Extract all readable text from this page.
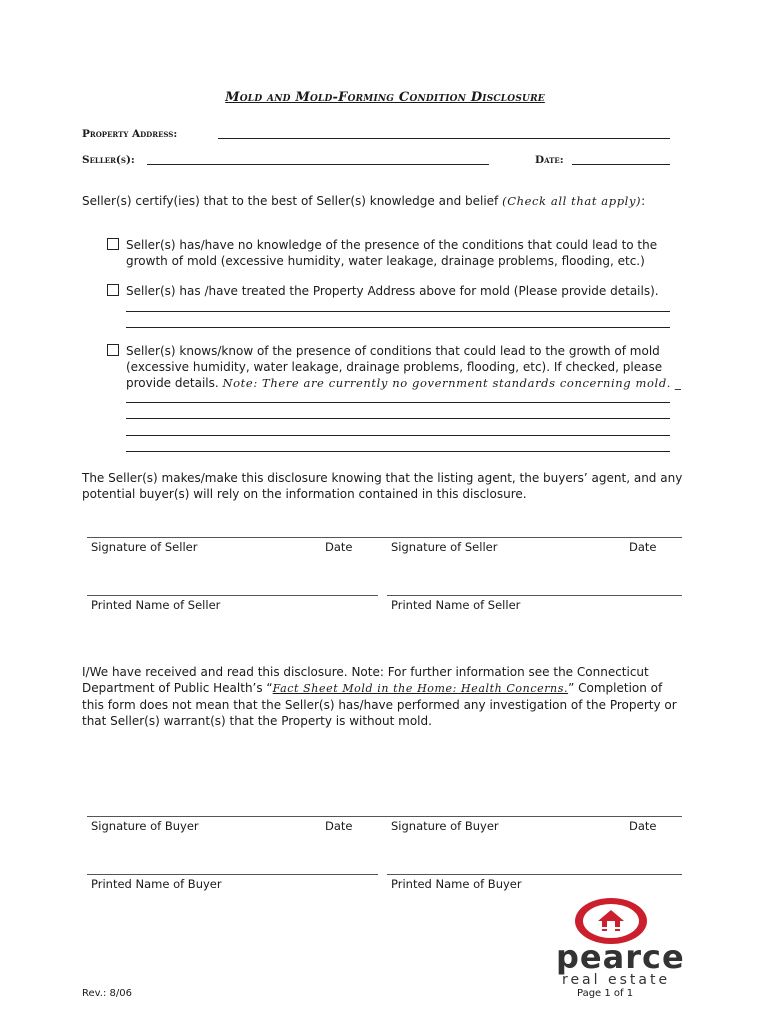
Mold and Mold-Forming Condition Disclosure
Property Address:
Seller(s):	Date:
Seller(s) certify(ies) that to the best of Seller(s) knowledge and belief (Check all that apply):
Seller(s) has/have no knowledge of the presence of the conditions that could lead to the
growth of mold (excessive humidity, water leakage, drainage problems, flooding, etc.)
Seller(s) has /have treated the Property Address above for mold (Please provide details).
Seller(s) knows/know of the presence of conditions that could lead to the growth of mold
(excessive humidity, water leakage, drainage problems, flooding, etc). If checked, please
provide details. Note: There are currently no government standards concerning mold. _
The Seller(s) makes/make this disclosure knowing that the listing agent, the buyers’ agent, and any
potential buyer(s) will rely on the information contained in this disclosure.
Signature of Seller	Date	Signature of Seller	Date
Printed Name of Seller	Printed Name of Seller
I/We have received and read this disclosure. Note: For further information see the Connecticut
Department of Public Health’s “Fact Sheet Mold in the Home: Health Concerns.” Completion of
this form does not mean that the Seller(s) has/have performed any investigation of the Property or
that Seller(s) warrant(s) that the Property is without mold.
Signature of Buyer	Date	Signature of Buyer	Date
Printed Name of Buyer	Printed Name of Buyer
pearce
real estate
Rev.: 8/06	Page 1 of 1
